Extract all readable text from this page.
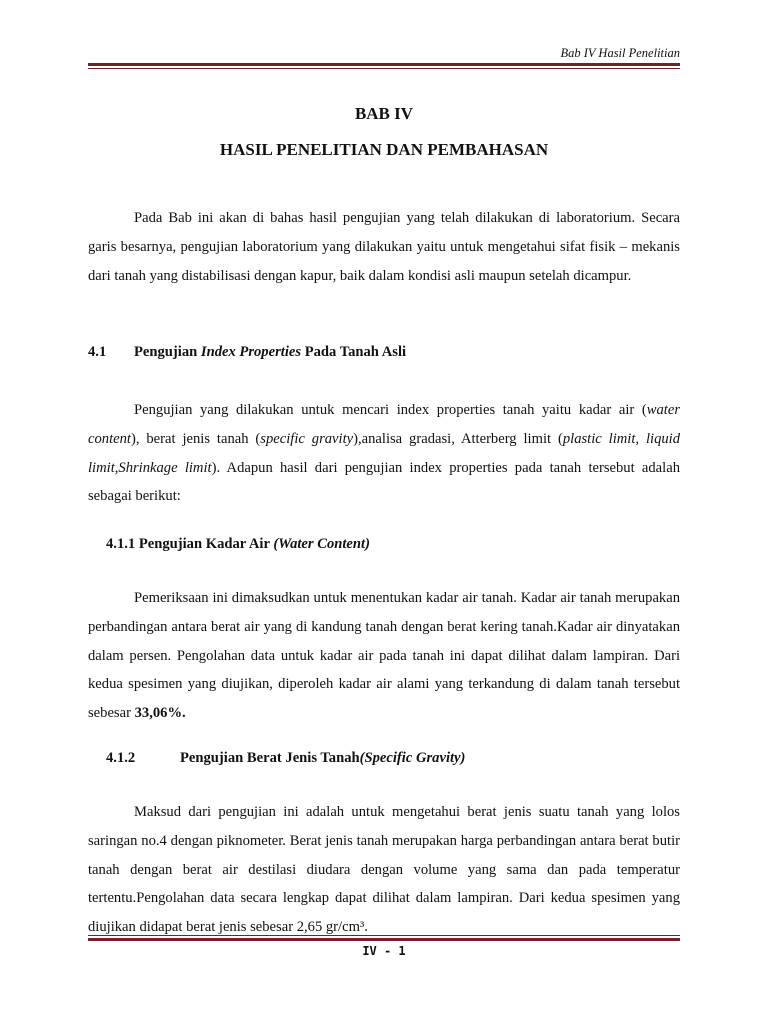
Bab IV Hasil Penelitian
BAB IV
HASIL PENELITIAN DAN PEMBAHASAN

Pada Bab ini akan di bahas hasil pengujian yang telah dilakukan di laboratorium. Secara garis besarnya, pengujian laboratorium yang dilakukan yaitu untuk mengetahui sifat fisik – mekanis dari tanah yang distabilisasi dengan kapur, baik dalam kondisi asli maupun setelah dicampur.

4.1 Pengujian Index Properties Pada Tanah Asli

Pengujian yang dilakukan untuk mencari index properties tanah yaitu kadar air (water content), berat jenis tanah (specific gravity),analisa gradasi, Atterberg limit (plastic limit, liquid limit,Shrinkage limit). Adapun hasil dari pengujian index properties pada tanah tersebut adalah sebagai berikut:

4.1.1 Pengujian Kadar Air (Water Content)

Pemeriksaan ini dimaksudkan untuk menentukan kadar air tanah. Kadar air tanah merupakan perbandingan antara berat air yang di kandung tanah dengan berat kering tanah.Kadar air dinyatakan dalam persen. Pengolahan data untuk kadar air pada tanah ini dapat dilihat dalam lampiran. Dari kedua spesimen yang diujikan, diperoleh kadar air alami yang terkandung di dalam tanah tersebut sebesar 33,06%.

4.1.2	Pengujian Berat Jenis Tanah(Specific Gravity)

Maksud dari pengujian ini adalah untuk mengetahui berat jenis suatu tanah yang lolos saringan no.4 dengan piknometer. Berat jenis tanah merupakan harga perbandingan antara berat butir tanah dengan berat air destilasi diudara dengan volume yang sama dan pada temperatur tertentu.Pengolahan data secara lengkap dapat dilihat dalam lampiran. Dari kedua spesimen yang diujikan didapat berat jenis sebesar 2,65 gr/cm³.

IV - 1
